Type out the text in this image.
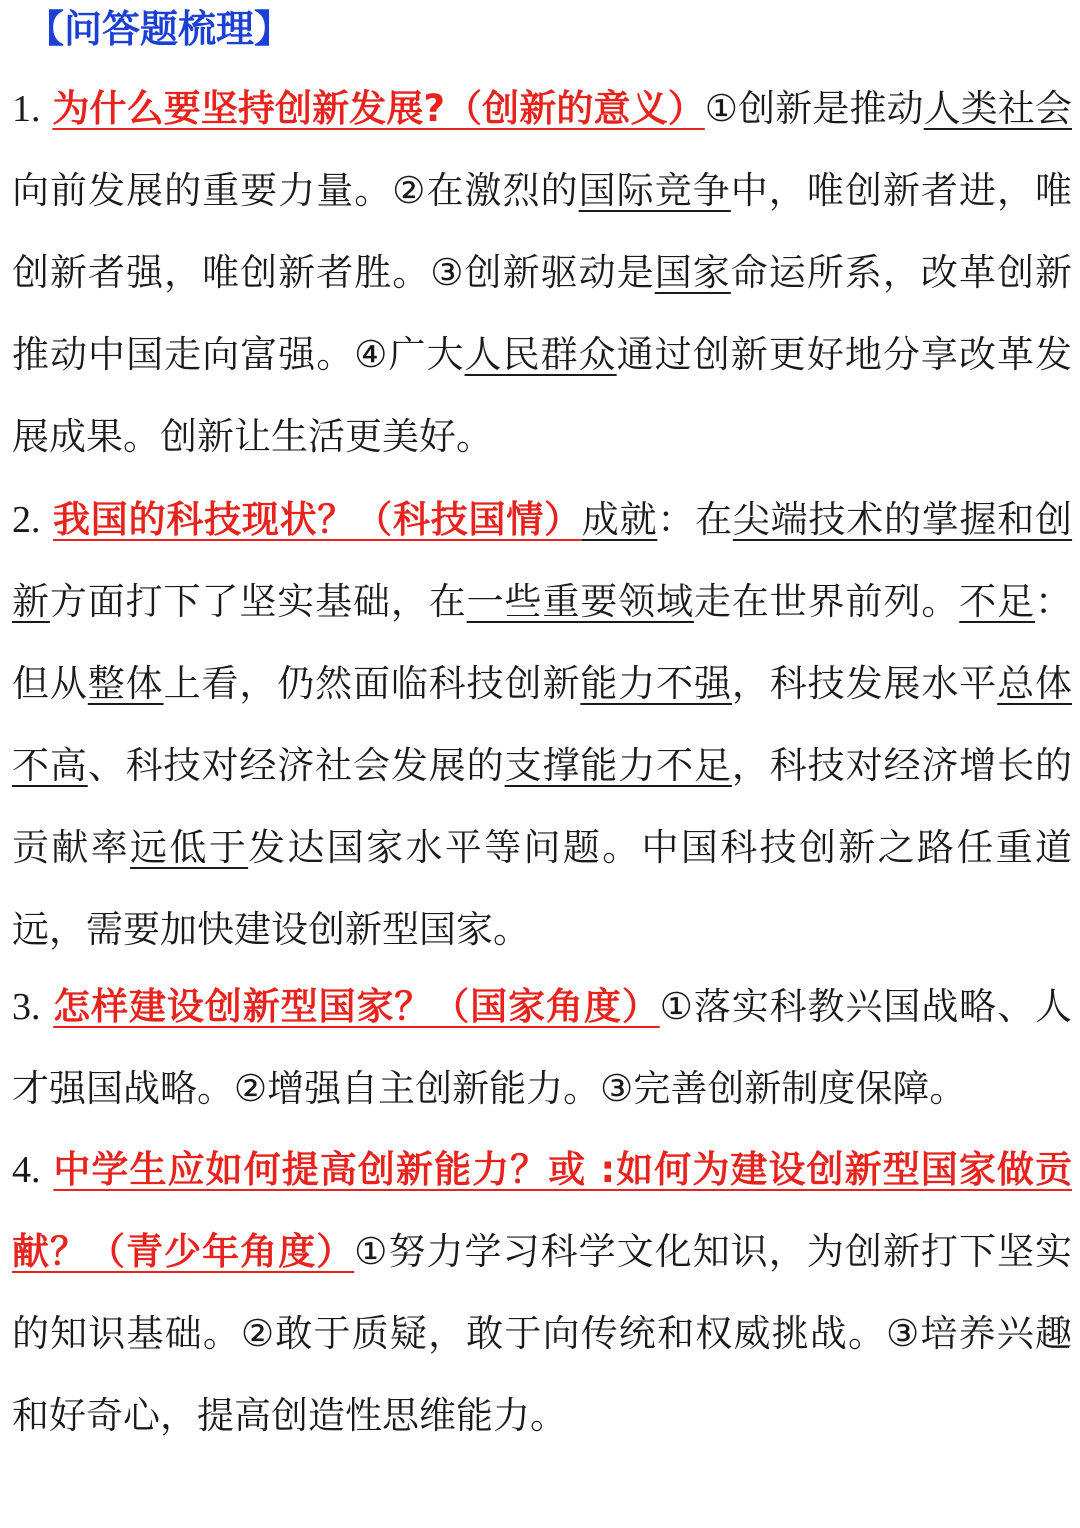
【问答题梳理】

1. 为什么要坚持创新发展?（创新的意义）①创新是推动人类社会向前发展的重要力量。②在激烈的国际竞争中，唯创新者进，唯创新者强，唯创新者胜。③创新驱动是国家命运所系，改革创新推动中国走向富强。④广大人民群众通过创新更好地分享改革发展成果。创新让生活更美好。

2. 我国的科技现状？（科技国情）成就：在尖端技术的掌握和创新方面打下了坚实基础，在一些重要领域走在世界前列。不足：但从整体上看，仍然面临科技创新能力不强，科技发展水平总体不高、科技对经济社会发展的支撑能力不足，科技对经济增长的贡献率远低于发达国家水平等问题。中国科技创新之路任重道远，需要加快建设创新型国家。

3. 怎样建设创新型国家？（国家角度）①落实科教兴国战略、人才强国战略。②增强自主创新能力。③完善创新制度保障。

4. 中学生应如何提高创新能力？或 :如何为建设创新型国家做贡献？（青少年角度）①努力学习科学文化知识，为创新打下坚实的知识基础。②敢于质疑，敢于向传统和权威挑战。③培养兴趣和好奇心，提高创造性思维能力。
